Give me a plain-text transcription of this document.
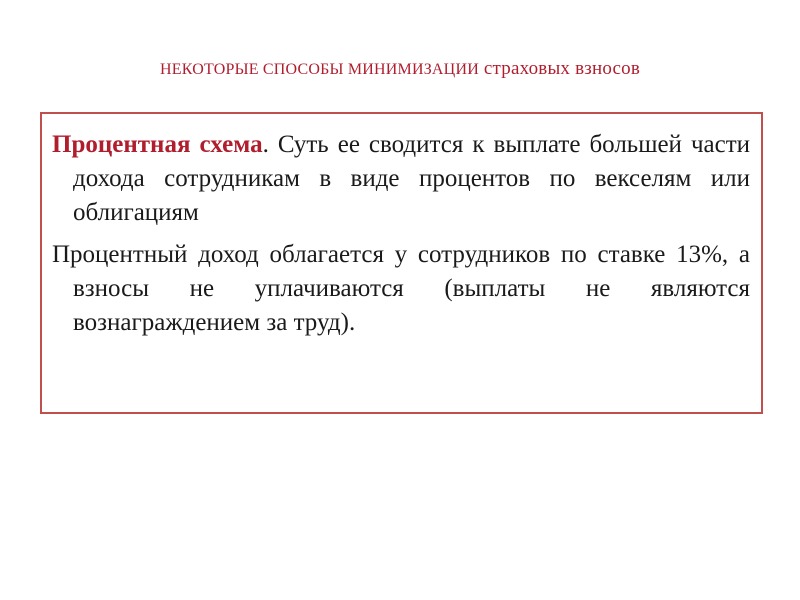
НЕКОТОРЫЕ СПОСОБЫ МИНИМИЗАЦИИ страховых взносов

Процентная схема. Суть ее сводится к выплате большей части дохода сотрудникам в виде процентов по векселям или облигациям

Процентный доход облагается у сотрудников по ставке 13%, а взносы не уплачиваются (выплаты не являются вознаграждением за труд).
